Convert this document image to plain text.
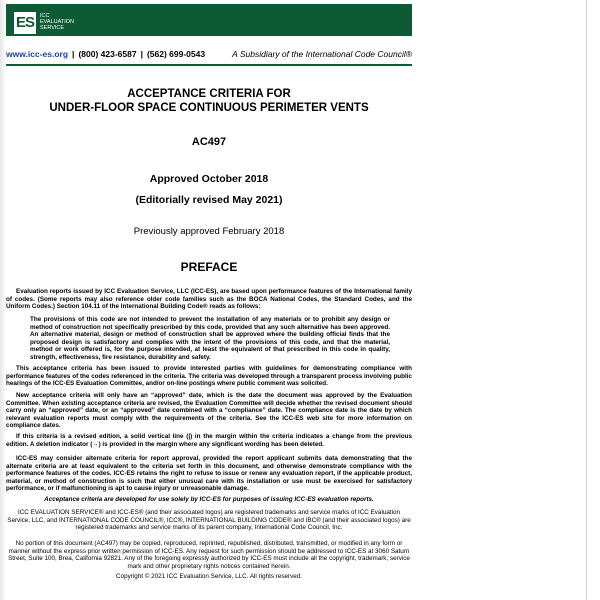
ES	ICC
EVALUATION
SERVICE
www.icc-es.org | (800) 423-6587 | (562) 699-0543	A Subsidiary of the International Code Council®
ACCEPTANCE CRITERIA FOR
UNDER-FLOOR SPACE CONTINUOUS PERIMETER VENTS
AC497
Approved October 2018
(Editorially revised May 2021)
Previously approved February 2018
PREFACE

Evaluation reports issued by ICC Evaluation Service, LLC (ICC-ES), are based upon performance features of the International family of codes. (Some reports may also reference older code families such as the BOCA National Codes, the Standard Codes, and the Uniform Codes.) Section 104.11 of the International Building Code® reads as follows:

The provisions of this code are not intended to prevent the installation of any materials or to prohibit any design or method of construction not specifically prescribed by this code, provided that any such alternative has been approved. An alternative material, design or method of construction shall be approved where the building official finds that the proposed design is satisfactory and complies with the intent of the provisions of this code, and that the material, method or work offered is, for the purpose intended, at least the equivalent of that prescribed in this code in quality, strength, effectiveness, fire resistance, durability and safety.
This acceptance criteria has been issued to provide interested parties with guidelines for demonstrating compliance with performance features of the codes referenced in the criteria. The criteria was developed through a transparent process involving public hearings of the ICC-ES Evaluation Committee, and/or on-line postings where public comment was solicited.
New acceptance criteria will only have an “approved” date, which is the date the document was approved by the Evaluation Committee. When existing acceptance criteria are revised, the Evaluation Committee will decide whether the revised document should carry only an “approved” date, or an “approved” date combined with a “compliance” date. The compliance date is the date by which relevant evaluation reports must comply with the requirements of the criteria. See the ICC-ES web site for more information on compliance dates.
If this criteria is a revised edition, a solid vertical line (|) in the margin within the criteria indicates a change from the previous edition. A deletion indicator (→) is provided in the margin where any significant wording has been deleted.
ICC-ES may consider alternate criteria for report approval, provided the report applicant submits data demonstrating that the alternate criteria are at least equivalent to the criteria set forth in this document, and otherwise demonstrate compliance with the performance features of the codes. ICC-ES retains the right to refuse to issue or renew any evaluation report, if the applicable product, material, or method of construction is such that either unusual care with its installation or use must be exercised for satisfactory performance, or if malfunctioning is apt to cause injury or unreasonable damage.
Acceptance criteria are developed for use solely by ICC-ES for purposes of issuing ICC-ES evaluation reports.
ICC EVALUATION SERVICE® and ICC-ES® (and their associated logos) are registered trademarks and service marks of ICC Evaluation Service, LLC, and INTERNATIONAL CODE COUNCIL®, ICC®, INTERNATIONAL BUILDING CODE® and IBC® (and their associated logos) are registered trademarks and service marks of its parent company, International Code Council, Inc.
No portion of this document (AC497) may be copied, reproduced, reprinted, republished, distributed, transmitted, or modified in any form or manner without the express prior written permission of ICC-ES. Any request for such permission should be addressed to ICC-ES at 3060 Saturn Street, Suite 100, Brea, California 92821. Any of the foregoing expressly authorized by ICC-ES must include all the copyright, trademark, service mark and other proprietary rights notices contained herein.
Copyright © 2021 ICC Evaluation Service, LLC. All rights reserved.
